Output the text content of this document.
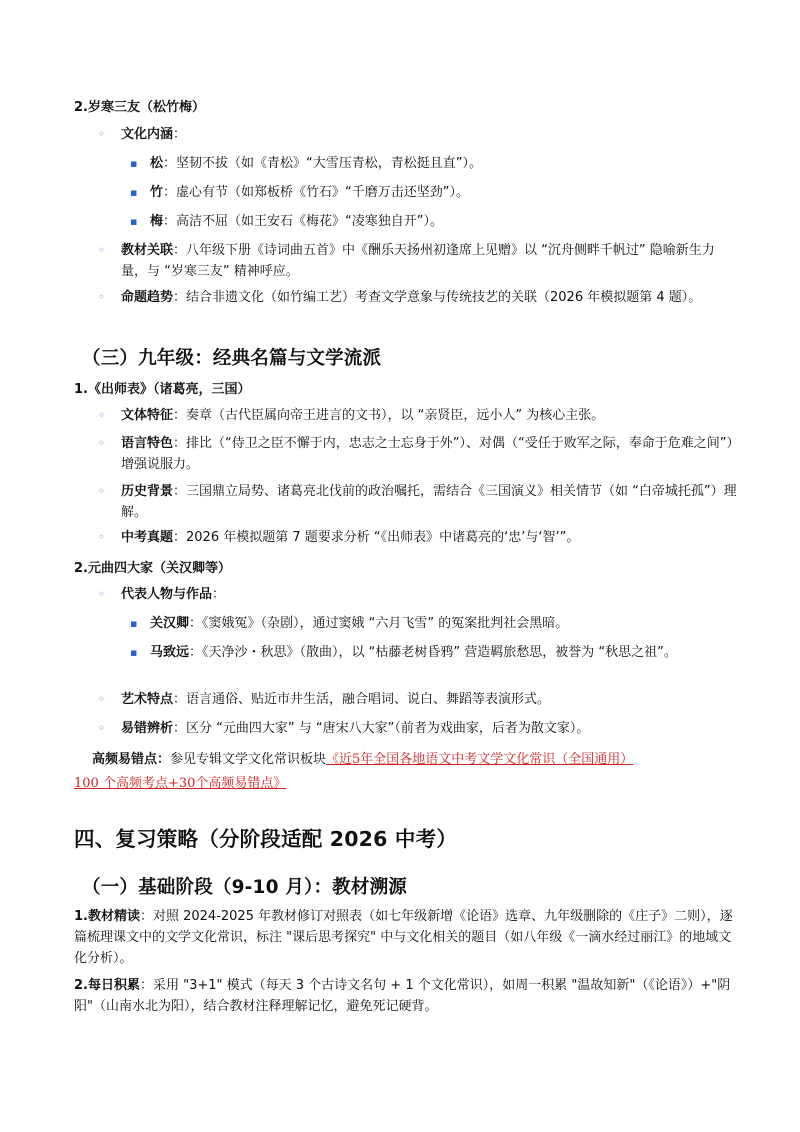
2.岁寒三友（松竹梅）
◦ 文化内涵：
▪ 松：坚韧不拔（如《青松》“大雪压青松，青松挺且直”）。
▪ 竹：虚心有节（如郑板桥《竹石》“千磨万击还坚劲”）。
▪ 梅：高洁不屈（如王安石《梅花》“凌寒独自开”）。
◦ 教材关联：八年级下册《诗词曲五首》中《酬乐天扬州初逢席上见赠》以 “沉舟侧畔千帆过” 隐喻新生力量，与 “岁寒三友” 精神呼应。
◦ 命题趋势：结合非遗文化（如竹编工艺）考查文学意象与传统技艺的关联（2026 年模拟题第 4 题）。
（三）九年级：经典名篇与文学流派
1.《出师表》（诸葛亮，三国）
◦ 文体特征：奏章（古代臣属向帝王进言的文书），以 “亲贤臣，远小人” 为核心主张。
◦ 语言特色：排比（“侍卫之臣不懈于内，忠志之士忘身于外”）、对偶（“受任于败军之际，奉命于危难之间”）增强说服力。
◦ 历史背景：三国鼎立局势、诸葛亮北伐前的政治嘱托，需结合《三国演义》相关情节（如 “白帝城托孤”）理解。
◦ 中考真题：2026 年模拟题第 7 题要求分析 “《出师表》中诸葛亮的‘忠’与‘智’”。
2.元曲四大家（关汉卿等）
◦ 代表人物与作品：
▪ 关汉卿：《窦娥冤》（杂剧），通过窦娥 “六月飞雪” 的冤案批判社会黑暗。
▪ 马致远：《天净沙・秋思》（散曲），以 “枯藤老树昏鸦” 营造羁旅愁思，被誉为 “秋思之祖”。
◦ 艺术特点：语言通俗、贴近市井生活，融合唱词、说白、舞蹈等表演形式。
◦ 易错辨析：区分 “元曲四大家” 与 “唐宋八大家”（前者为戏曲家，后者为散文家）。
高频易错点：参见专辑文学文化常识板块《近5年全国各地语文中考文学文化常识（全国通用）
100 个高频考点+30个高频易错点》
四、复习策略（分阶段适配 2026 中考）
（一）基础阶段（9-10 月）：教材溯源
1.教材精读：对照 2024-2025 年教材修订对照表（如七年级新增《论语》选章、九年级删除的《庄子》二则），逐篇梳理课文中的文学文化常识，标注 "课后思考探究" 中与文化相关的题目（如八年级《一滴水经过丽江》的地域文化分析）。
2.每日积累：采用 "3+1" 模式（每天 3 个古诗文名句 + 1 个文化常识），如周一积累 "温故知新"（《论语》）+"阴阳"（山南水北为阳），结合教材注释理解记忆，避免死记硬背。
